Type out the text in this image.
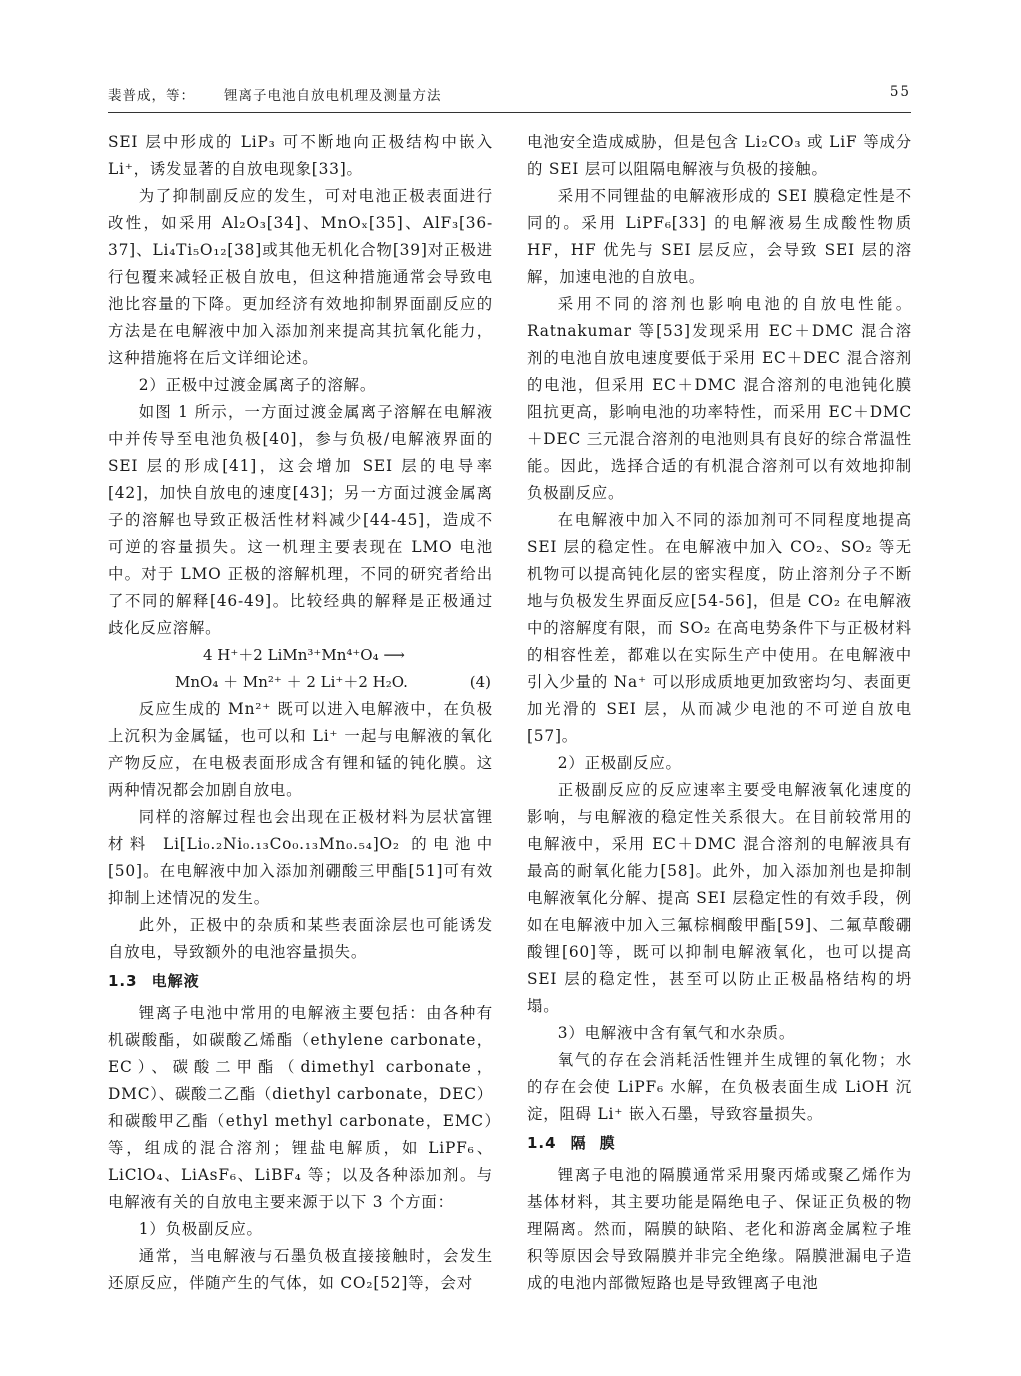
裴普成，等： 锂离子电池自放电机理及测量方法	55

SEI 层中形成的 LiP₃ 可不断地向正极结构中嵌入 Li⁺，诱发显著的自放电现象[33]。

为了抑制副反应的发生，可对电池正极表面进行改性，如采用 Al₂O₃[34]、MnOₓ[35]、AlF₃[36-37]、Li₄Ti₅O₁₂[38]或其他无机化合物[39]对正极进行包覆来减轻正极自放电，但这种措施通常会导致电池比容量的下降。更加经济有效地抑制界面副反应的方法是在电解液中加入添加剂来提高其抗氧化能力，这种措施将在后文详细论述。

2）正极中过渡金属离子的溶解。

如图 1 所示，一方面过渡金属离子溶解在电解液中并传导至电池负极[40]，参与负极/电解液界面的 SEI 层的形成[41]，这会增加 SEI 层的电导率[42]，加快自放电的速度[43]；另一方面过渡金属离子的溶解也导致正极活性材料减少[44-45]，造成不可逆的容量损失。这一机理主要表现在 LMO 电池中。对于 LMO 正极的溶解机理，不同的研究者给出了不同的解释[46-49]。比较经典的解释是正极通过歧化反应溶解。

4 H⁺＋2 LiMn³⁺Mn⁴⁺O₄ ⟶
MnO₄ ＋ Mn²⁺ ＋ 2 Li⁺＋2 H₂O.	(4)

反应生成的 Mn²⁺ 既可以进入电解液中，在负极上沉积为金属锰，也可以和 Li⁺ 一起与电解液的氧化产物反应，在电极表面形成含有锂和锰的钝化膜。这两种情况都会加剧自放电。

同样的溶解过程也会出现在正极材料为层状富锂材料 Li[Li₀.₂Ni₀.₁₃Co₀.₁₃Mn₀.₅₄]O₂ 的电池中[50]。在电解液中加入添加剂硼酸三甲酯[51]可有效抑制上述情况的发生。

此外，正极中的杂质和某些表面涂层也可能诱发自放电，导致额外的电池容量损失。

1.3 电解液

锂离子电池中常用的电解液主要包括：由各种有机碳酸酯，如碳酸乙烯酯（ethylene carbonate，EC）、碳酸二甲酯（dimethyl carbonate，DMC）、碳酸二乙酯（diethyl carbonate，DEC）和碳酸甲乙酯（ethyl methyl carbonate，EMC）等，组成的混合溶剂；锂盐电解质，如 LiPF₆、LiClO₄、LiAsF₆、LiBF₄ 等；以及各种添加剂。与电解液有关的自放电主要来源于以下 3 个方面：

1）负极副反应。

通常，当电解液与石墨负极直接接触时，会发生还原反应，伴随产生的气体，如 CO₂[52]等，会对

电池安全造成威胁，但是包含 Li₂CO₃ 或 LiF 等成分的 SEI 层可以阻隔电解液与负极的接触。

采用不同锂盐的电解液形成的 SEI 膜稳定性是不同的。采用 LiPF₆[33] 的电解液易生成酸性物质 HF，HF 优先与 SEI 层反应，会导致 SEI 层的溶解，加速电池的自放电。

采用不同的溶剂也影响电池的自放电性能。Ratnakumar 等[53]发现采用 EC＋DMC 混合溶剂的电池自放电速度要低于采用 EC＋DEC 混合溶剂的电池，但采用 EC＋DMC 混合溶剂的电池钝化膜阻抗更高，影响电池的功率特性，而采用 EC＋DMC＋DEC 三元混合溶剂的电池则具有良好的综合常温性能。因此，选择合适的有机混合溶剂可以有效地抑制负极副反应。

在电解液中加入不同的添加剂可不同程度地提高 SEI 层的稳定性。在电解液中加入 CO₂、SO₂ 等无机物可以提高钝化层的密实程度，防止溶剂分子不断地与负极发生界面反应[54-56]，但是 CO₂ 在电解液中的溶解度有限，而 SO₂ 在高电势条件下与正极材料的相容性差，都难以在实际生产中使用。在电解液中引入少量的 Na⁺ 可以形成质地更加致密均匀、表面更加光滑的 SEI 层，从而减少电池的不可逆自放电[57]。

2）正极副反应。

正极副反应的反应速率主要受电解液氧化速度的影响，与电解液的稳定性关系很大。在目前较常用的电解液中，采用 EC＋DMC 混合溶剂的电解液具有最高的耐氧化能力[58]。此外，加入添加剂也是抑制电解液氧化分解、提高 SEI 层稳定性的有效手段，例如在电解液中加入三氟棕榈酸甲酯[59]、二氟草酸硼酸锂[60]等，既可以抑制电解液氧化，也可以提高 SEI 层的稳定性，甚至可以防止正极晶格结构的坍塌。

3）电解液中含有氧气和水杂质。

氧气的存在会消耗活性锂并生成锂的氧化物；水的存在会使 LiPF₆ 水解，在负极表面生成 LiOH 沉淀，阻碍 Li⁺ 嵌入石墨，导致容量损失。

1.4 隔膜

锂离子电池的隔膜通常采用聚丙烯或聚乙烯作为基体材料，其主要功能是隔绝电子、保证正负极的物理隔离。然而，隔膜的缺陷、老化和游离金属粒子堆积等原因会导致隔膜并非完全绝缘。隔膜泄漏电子造成的电池内部微短路也是导致锂离子电池
